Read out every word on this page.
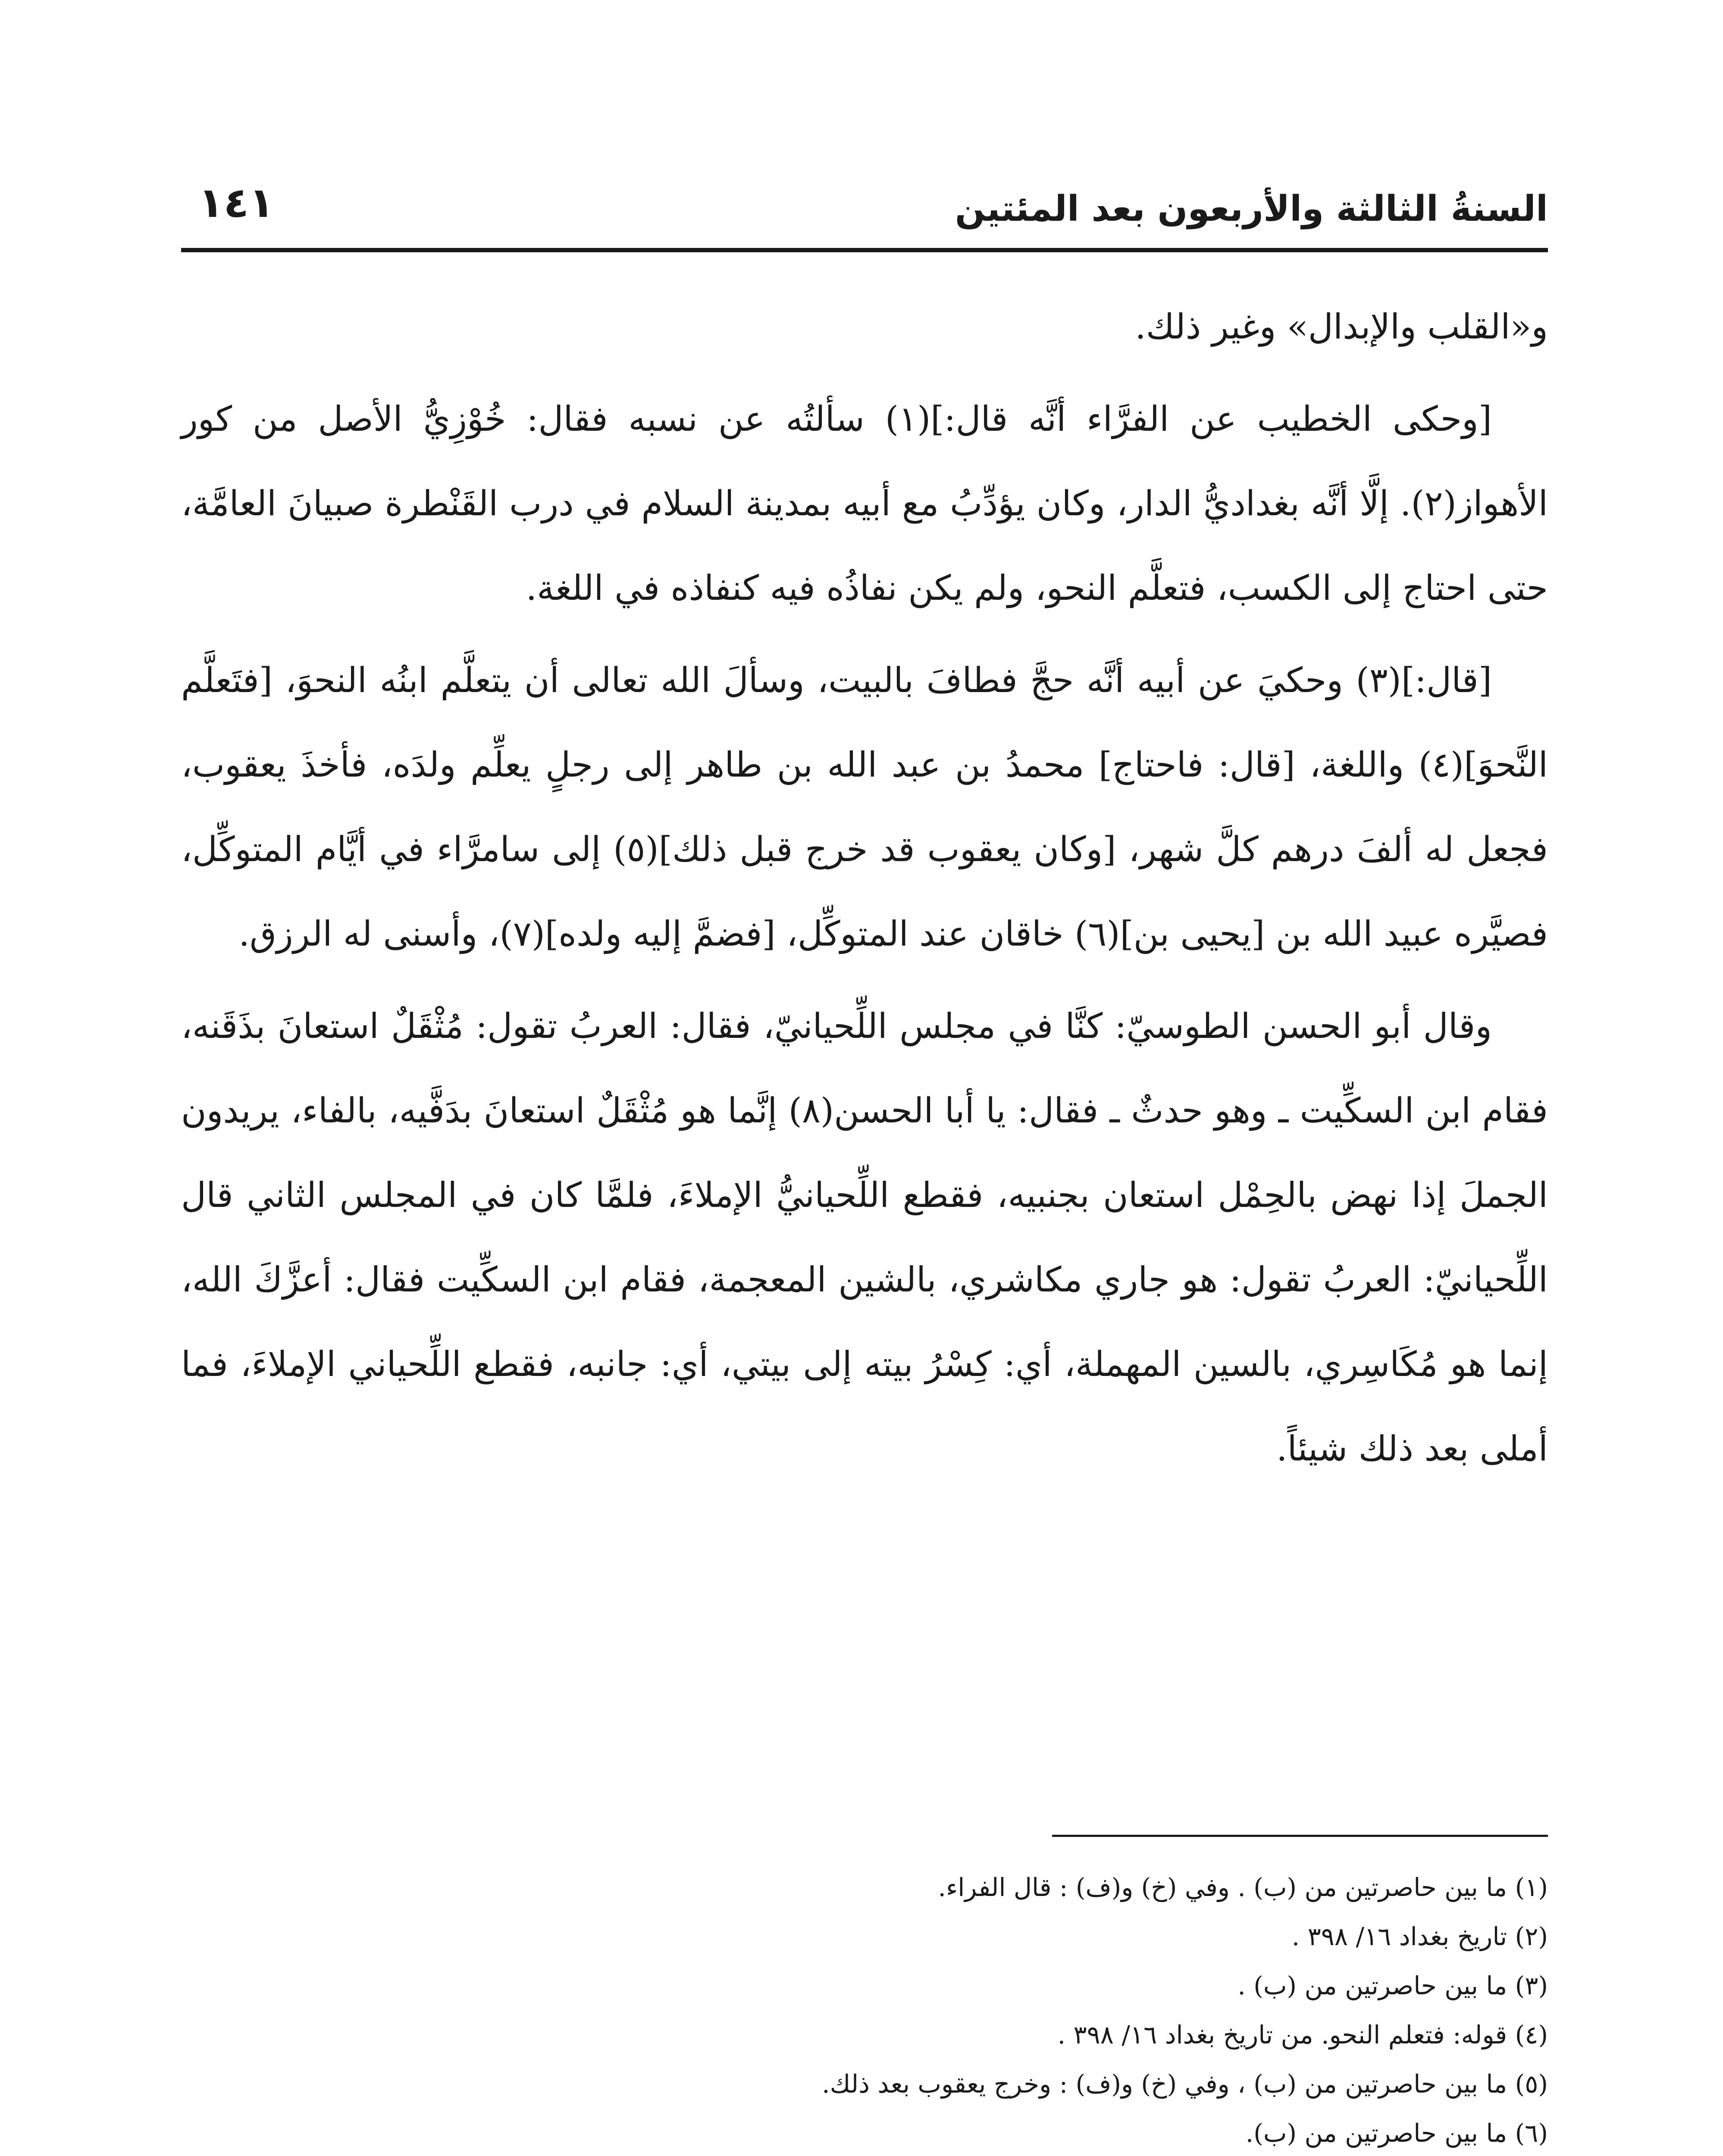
السنةُ الثالثة والأربعون بعد المئتين
١٤١

و«القلب والإبدال» وغير ذلك.

[وحكى الخطيب عن الفرَّاء أنَّه قال:](١) سألتُه عن نسبه فقال: خُوْزِيُّ الأصل من كور الأهواز(٢). إلَّا أنَّه بغداديُّ الدار، وكان يؤدِّبُ مع أبيه بمدينة السلام في درب القَنْطرة صبيانَ العامَّة، حتى احتاج إلى الكسب، فتعلَّم النحو، ولم يكن نفاذُه فيه كنفاذه في اللغة.

[قال:](٣) وحكيَ عن أبيه أنَّه حجَّ فطافَ بالبيت، وسألَ الله تعالى أن يتعلَّم ابنُه النحوَ، [فتَعلَّم النَّحوَ](٤) واللغة، [قال: فاحتاج] محمدُ بن عبد الله بن طاهر إلى رجلٍ يعلِّم ولدَه، فأخذَ يعقوب، فجعل له ألفَ درهم كلَّ شهر، [وكان يعقوب قد خرج قبل ذلك](٥) إلى سامرَّاء في أيَّام المتوكِّل، فصيَّره عبيد الله بن [يحيى بن](٦) خاقان عند المتوكِّل، [فضمَّ إليه ولده](٧)، وأسنى له الرزق.

وقال أبو الحسن الطوسيّ: كنَّا في مجلس اللِّحيانيّ، فقال: العربُ تقول: مُثْقَلٌ استعانَ بذَقَنه، فقام ابن السكِّيت ـ وهو حدثٌ ـ فقال: يا أبا الحسن(٨) إنَّما هو مُثْقَلٌ استعانَ بدَفَّيه، بالفاء، يريدون الجملَ إذا نهض بالحِمْل استعان بجنبيه، فقطع اللِّحيانيُّ الإملاءَ، فلمَّا كان في المجلس الثاني قال اللِّحيانيّ: العربُ تقول: هو جاري مكاشري، بالشين المعجمة، فقام ابن السكِّيت فقال: أعزَّكَ الله، إنما هو مُكَاسِري، بالسين المهملة، أي: كِسْرُ بيته إلى بيتي، أي: جانبه، فقطع اللِّحياني الإملاءَ، فما أملى بعد ذلك شيئاً.

(١) ما بين حاصرتين من (ب) . وفي (خ) و(ف) : قال الفراء.

(٢) تاريخ بغداد ١٦/ ٣٩٨ .

(٣) ما بين حاصرتين من (ب) .

(٤) قوله: فتعلم النحو. من تاريخ بغداد ١٦/ ٣٩٨ .

(٥) ما بين حاصرتين من (ب) ، وفي (خ) و(ف) : وخرج يعقوب بعد ذلك.

(٦) ما بين حاصرتين من (ب).
